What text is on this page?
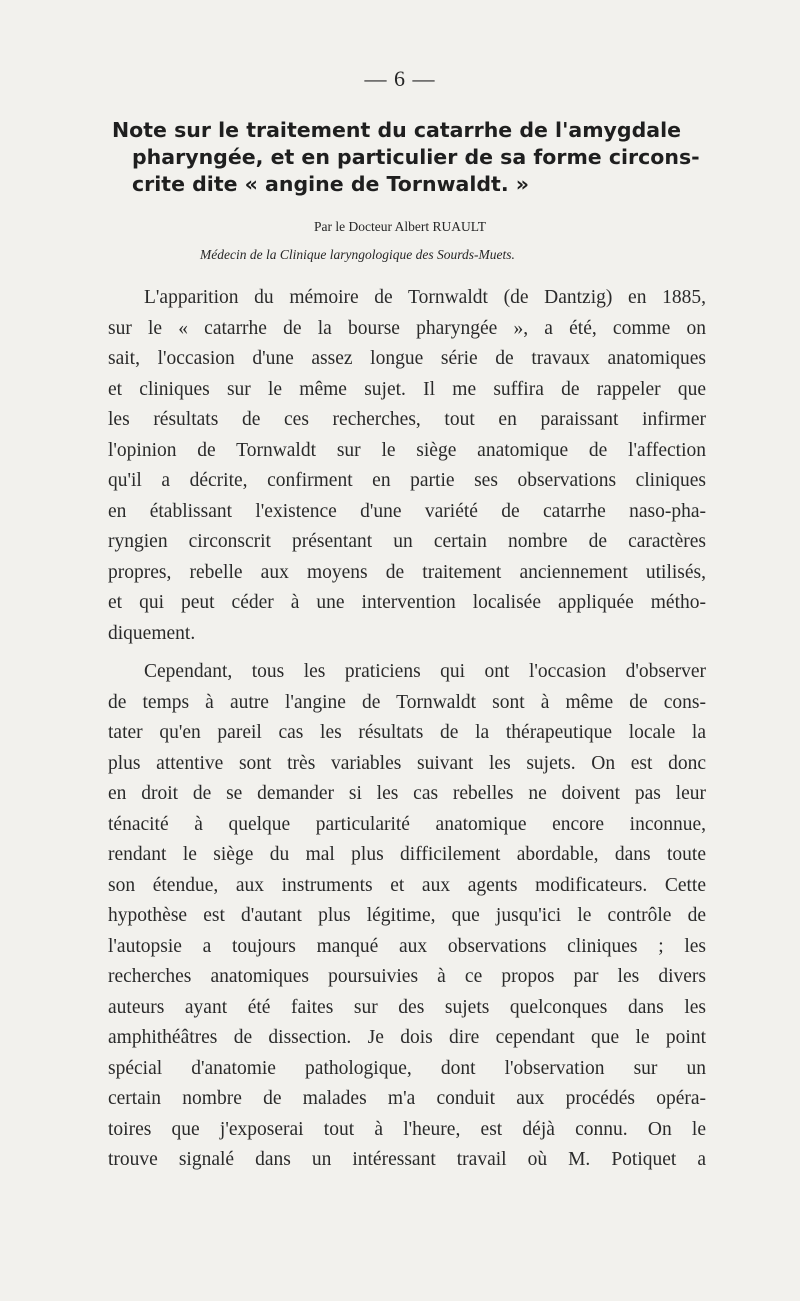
— 6 —
Note sur le traitement du catarrhe de l'amygdale
pharyngée, et en particulier de sa forme circons-
crite dite « angine de Tornwaldt. »
Par le Docteur Albert RUAULT
Médecin de la Clinique laryngologique des Sourds-Muets.

L'apparition du mémoire de Tornwaldt (de Dantzig) en 1885,
sur le « catarrhe de la bourse pharyngée », a été, comme on
sait, l'occasion d'une assez longue série de travaux anatomiques
et cliniques sur le même sujet. Il me suffira de rappeler que
les résultats de ces recherches, tout en paraissant infirmer
l'opinion de Tornwaldt sur le siège anatomique de l'affection
qu'il a décrite, confirment en partie ses observations cliniques
en établissant l'existence d'une variété de catarrhe naso-pha-
ryngien circonscrit présentant un certain nombre de caractères
propres, rebelle aux moyens de traitement anciennement utilisés,
et qui peut céder à une intervention localisée appliquée métho-
diquement.

Cependant, tous les praticiens qui ont l'occasion d'observer
de temps à autre l'angine de Tornwaldt sont à même de cons-
tater qu'en pareil cas les résultats de la thérapeutique locale la
plus attentive sont très variables suivant les sujets. On est donc
en droit de se demander si les cas rebelles ne doivent pas leur
ténacité à quelque particularité anatomique encore inconnue,
rendant le siège du mal plus difficilement abordable, dans toute
son étendue, aux instruments et aux agents modificateurs. Cette
hypothèse est d'autant plus légitime, que jusqu'ici le contrôle de
l'autopsie a toujours manqué aux observations cliniques ; les
recherches anatomiques poursuivies à ce propos par les divers
auteurs ayant été faites sur des sujets quelconques dans les
amphithéâtres de dissection. Je dois dire cependant que le point
spécial d'anatomie pathologique, dont l'observation sur un
certain nombre de malades m'a conduit aux procédés opéra-
toires que j'exposerai tout à l'heure, est déjà connu. On le
trouve signalé dans un intéressant travail où M. Potiquet a
